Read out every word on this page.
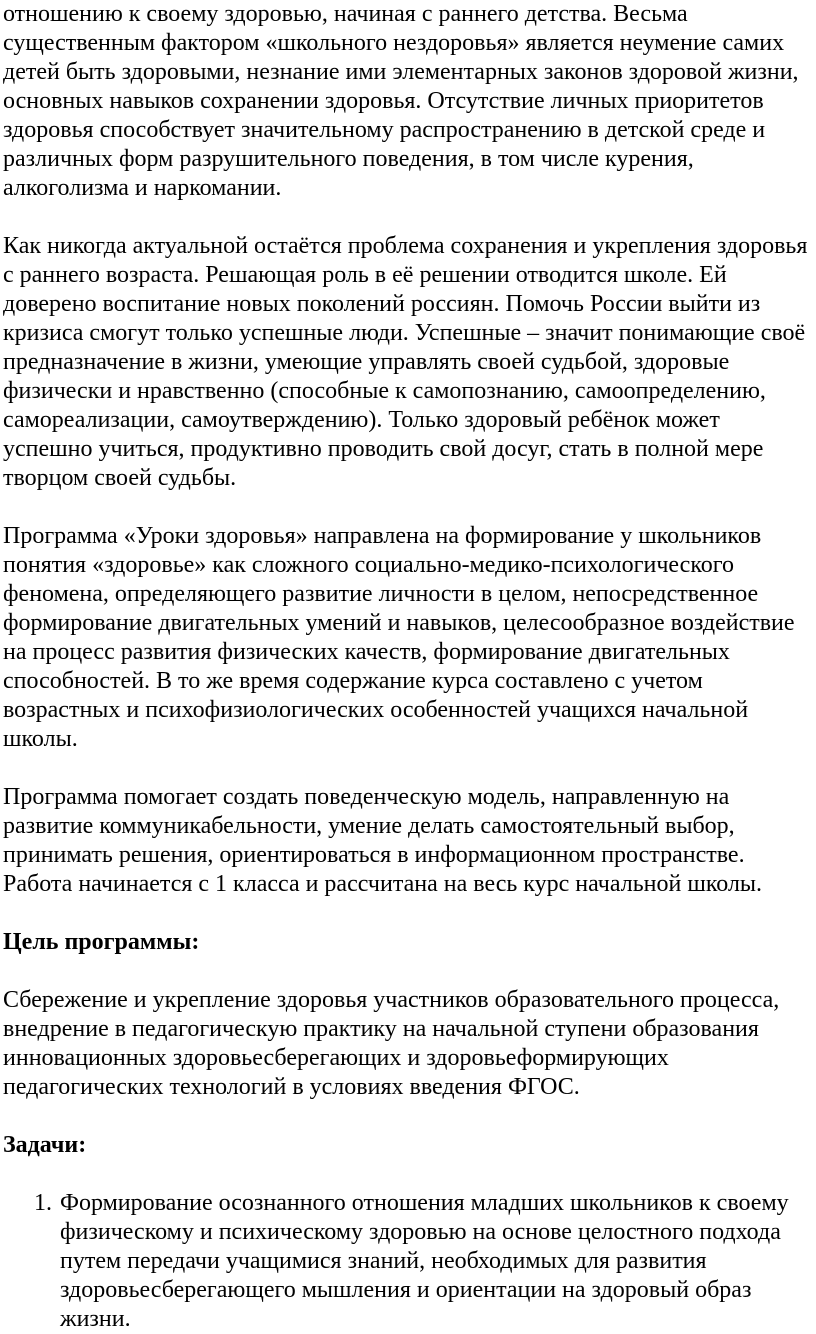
отношению к своему здоровью, начиная с раннего детства. Весьма существенным фактором «школьного нездоровья» является неумение самих детей быть здоровыми, незнание ими элементарных законов здоровой жизни, основных навыков сохранении здоровья. Отсутствие личных приоритетов здоровья способствует значительному распространению в детской среде и различных форм разрушительного поведения, в том числе курения, алкоголизма и наркомании.

Как никогда актуальной остаётся проблема сохранения и укрепления здоровья с раннего возраста. Решающая роль в её решении отводится школе. Ей доверено воспитание новых поколений россиян. Помочь России выйти из кризиса смогут только успешные люди. Успешные – значит понимающие своё предназначение в жизни, умеющие управлять своей судьбой, здоровые физически и нравственно (способные к самопознанию, самоопределению, самореализации, самоутверждению). Только здоровый ребёнок может успешно учиться, продуктивно проводить свой досуг, стать в полной мере творцом своей судьбы.

Программа «Уроки здоровья» направлена на формирование у школьников понятия «здоровье» как сложного социально-медико-психологического феномена, определяющего развитие личности в целом, непосредственное формирование двигательных умений и навыков, целесообразное воздействие на процесс развития физических качеств, формирование двигательных способностей. В то же время содержание курса составлено с учетом возрастных и психофизиологических особенностей учащихся начальной школы.

Программа помогает создать поведенческую модель, направленную на развитие коммуникабельности, умение делать самостоятельный выбор, принимать решения, ориентироваться в информационном пространстве. Работа начинается с 1 класса и рассчитана на весь курс начальной школы.

Цель программы:

Сбережение и укрепление здоровья участников образовательного процесса, внедрение в педагогическую практику на начальной ступени образования инновационных здоровьесберегающих и здоровьеформирующих педагогических технологий в условиях введения ФГОС.

Задачи:

1. Формирование осознанного отношения младших школьников к своему физическому и психическому здоровью на основе целостного подхода путем передачи учащимися знаний, необходимых для развития здоровьесберегающего мышления и ориентации на здоровый образ жизни.
